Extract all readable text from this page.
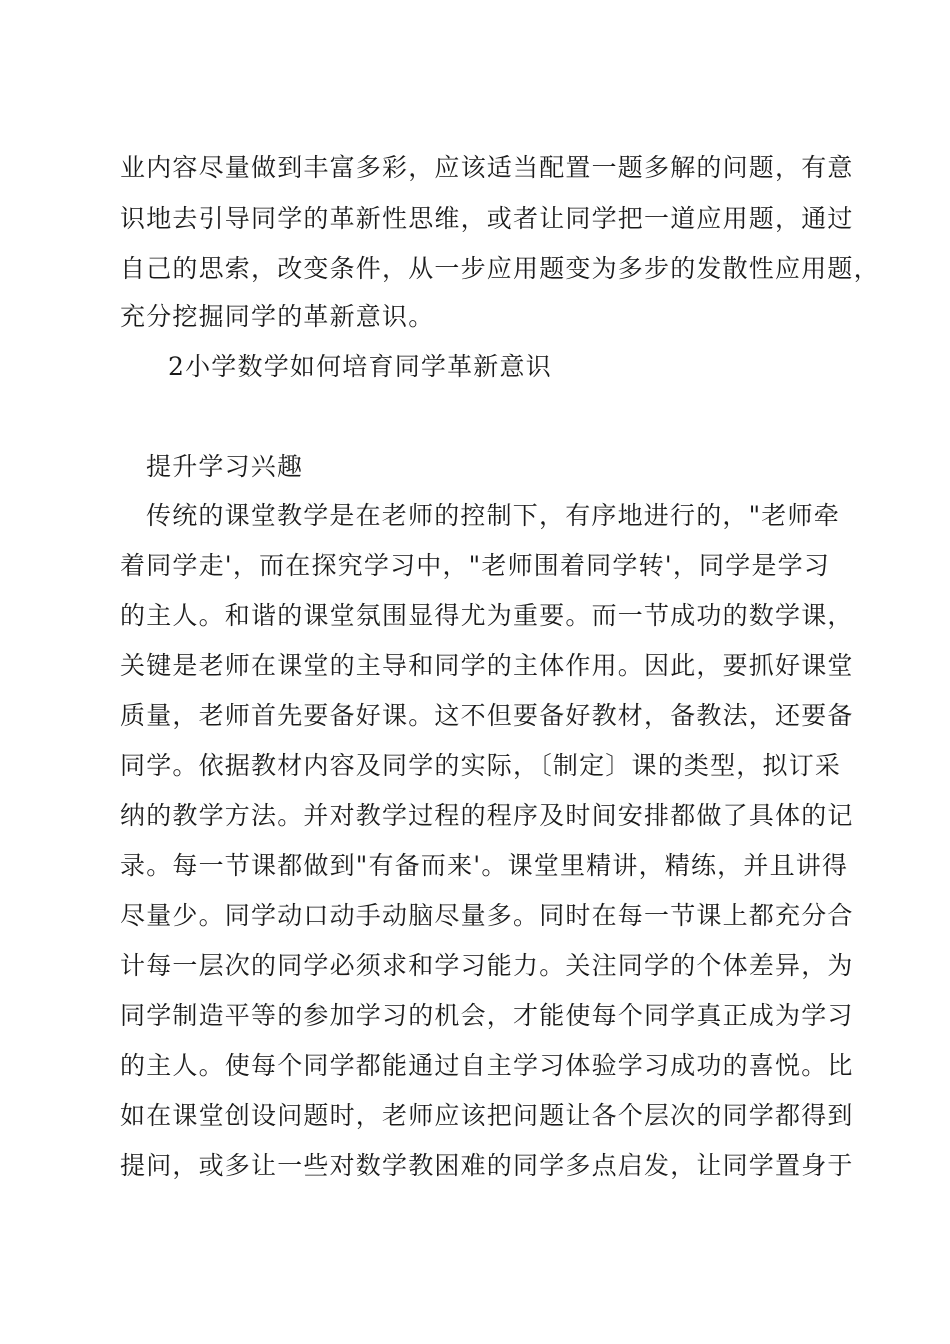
业内容尽量做到丰富多彩，应该适当配置一题多解的问题，有意
识地去引导同学的革新性思维，或者让同学把一道应用题，通过
自己的思索，改变条件，从一步应用题变为多步的发散性应用题，
充分挖掘同学的革新意识。
2小学数学如何培育同学革新意识
提升学习兴趣
传统的课堂教学是在老师的控制下，有序地进行的，"老师牵
着同学走'，而在探究学习中，"老师围着同学转'，同学是学习
的主人。和谐的课堂氛围显得尤为重要。而一节成功的数学课，
关键是老师在课堂的主导和同学的主体作用。因此，要抓好课堂
质量，老师首先要备好课。这不但要备好教材，备教法，还要备
同学。依据教材内容及同学的实际，〔制定〕课的类型，拟订采
纳的教学方法。并对教学过程的程序及时间安排都做了具体的记
录。每一节课都做到"有备而来'。课堂里精讲，精练，并且讲得
尽量少。同学动口动手动脑尽量多。同时在每一节课上都充分合
计每一层次的同学必须求和学习能力。关注同学的个体差异，为
同学制造平等的参加学习的机会，才能使每个同学真正成为学习
的主人。使每个同学都能通过自主学习体验学习成功的喜悦。比
如在课堂创设问题时，老师应该把问题让各个层次的同学都得到
提问，或多让一些对数学教困难的同学多点启发，让同学置身于
